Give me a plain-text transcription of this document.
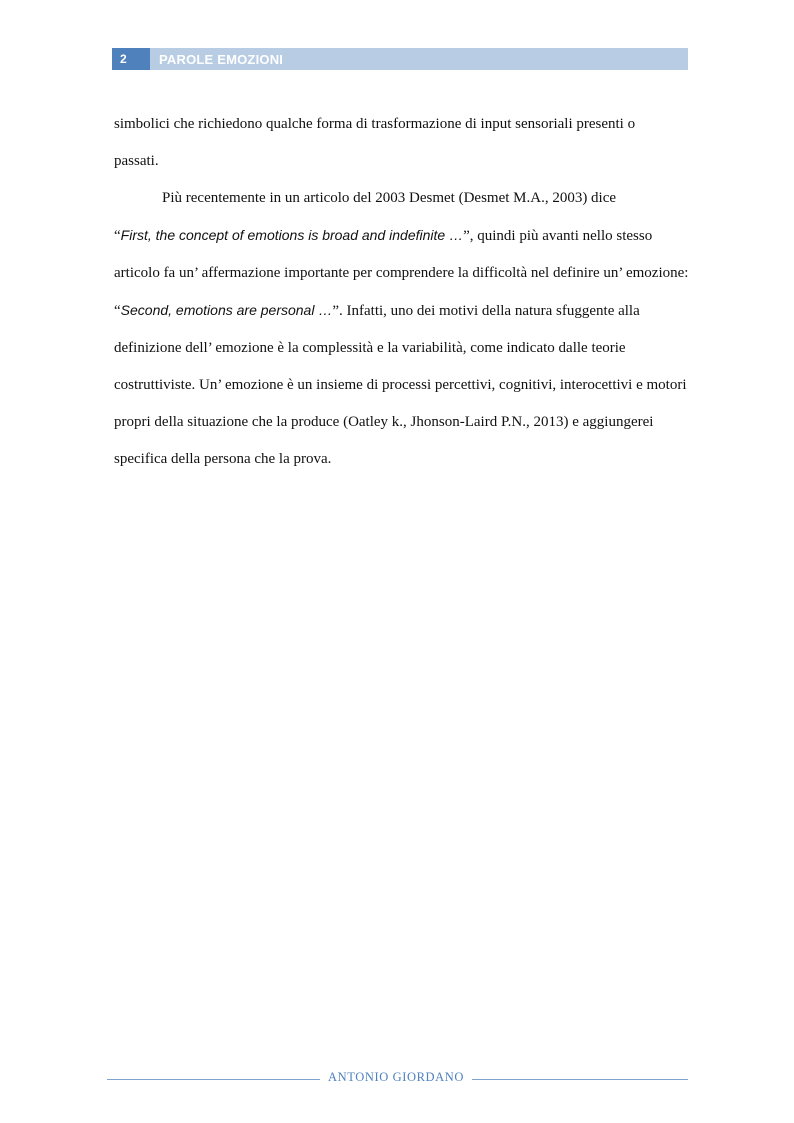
2	PAROLE EMOZIONI

simbolici che richiedono qualche forma di trasformazione di input sensoriali presenti o
passati.

Più recentemente in un articolo del 2003 Desmet (Desmet M.A., 2003) dice
“First, the concept of emotions is broad and indefinite …”, quindi più avanti nello stesso articolo fa un’ affermazione importante per comprendere la difficoltà nel definire un’ emozione: “Second, emotions are personal …”. Infatti, uno dei motivi della natura sfuggente alla definizione dell’ emozione è la complessità e la variabilità, come indicato dalle teorie costruttiviste. Un’ emozione è un insieme di processi percettivi, cognitivi, interocettivi e motori propri della situazione che la produce (Oatley k., Jhonson-Laird P.N., 2013) e aggiungerei specifica della persona che la prova.

ANTONIO GIORDANO
